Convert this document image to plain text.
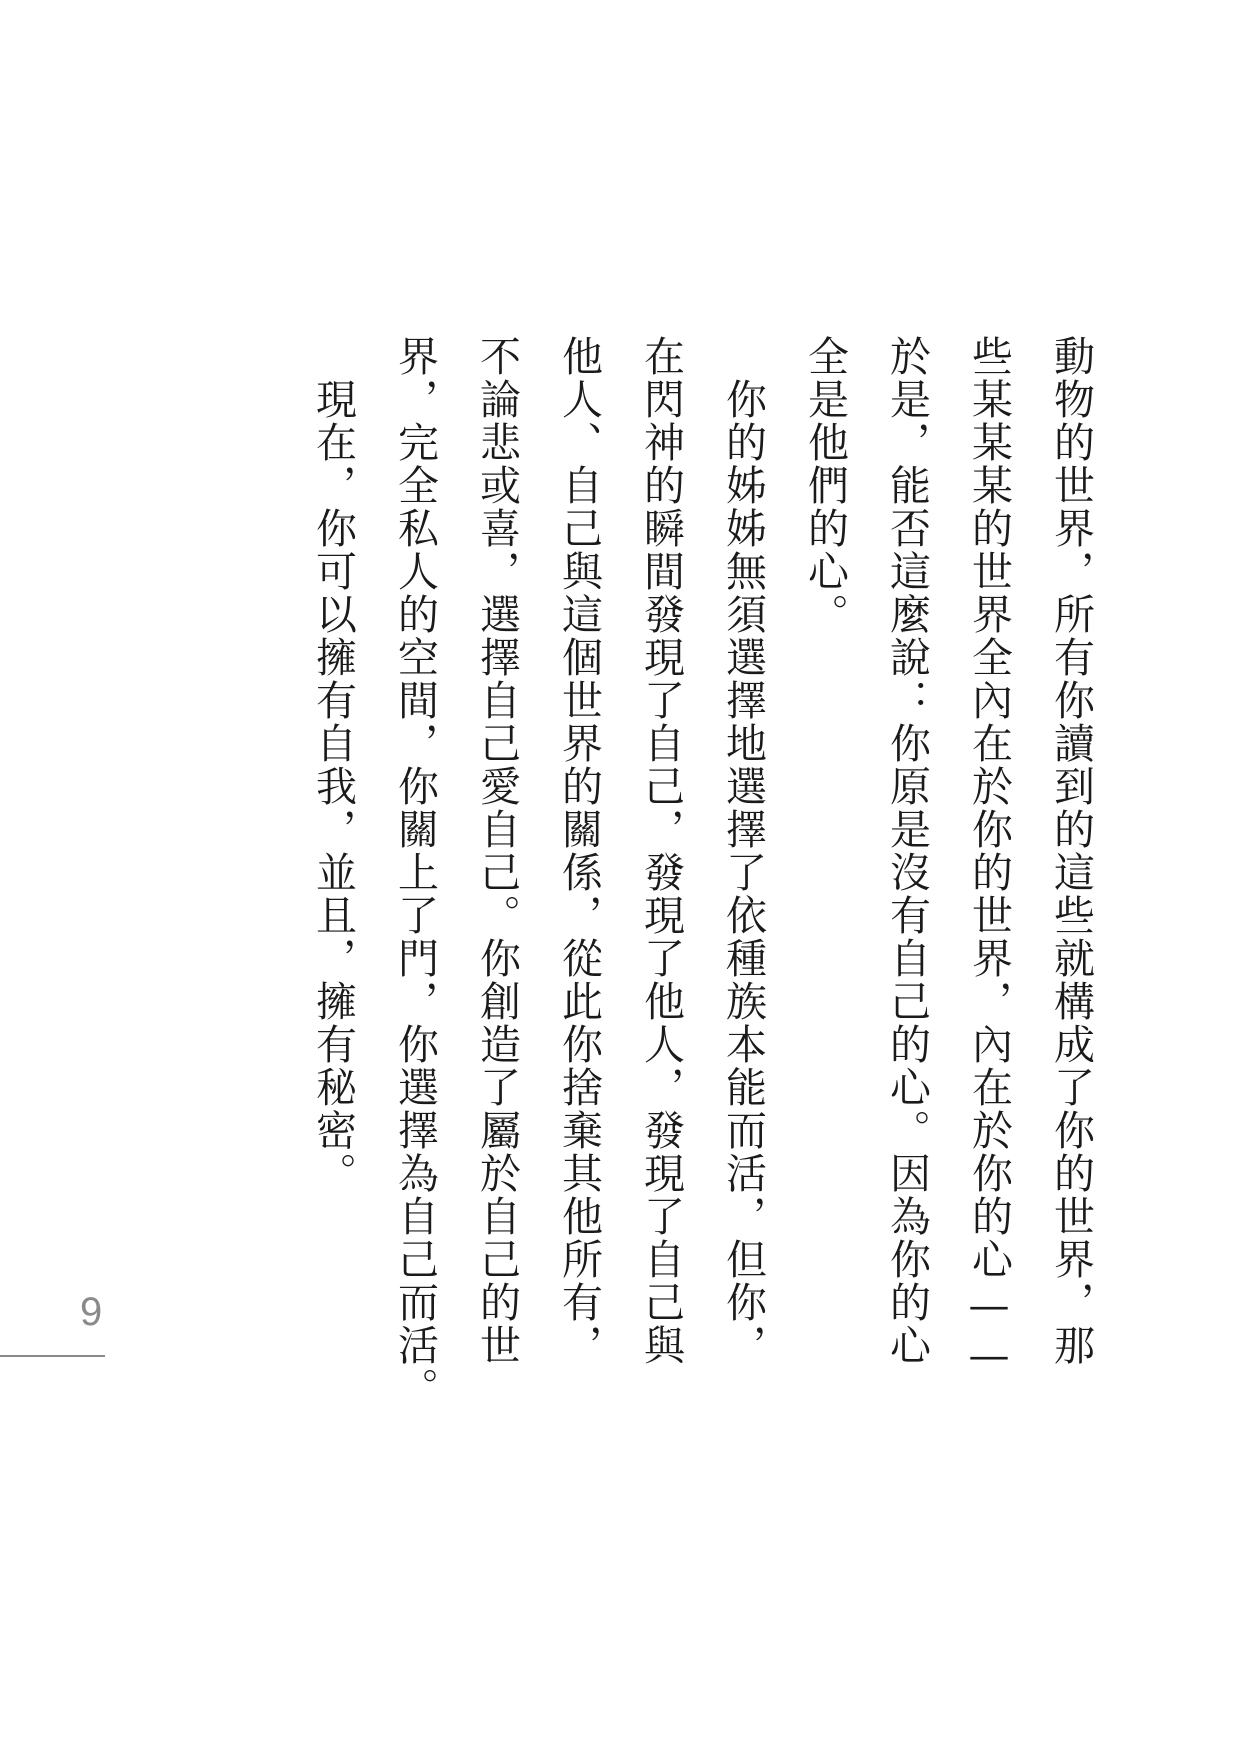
動物的世界，所有你讀到的這些就構成了你的世界，那
些某某某的世界全內在於你的世界，內在於你的心——
於是，能否這麼說：你原是沒有自己的心。因為你的心
全是他們的心。

　你的姊姊無須選擇地選擇了依種族本能而活，但你，
在閃神的瞬間發現了自己，發現了他人，發現了自己與
他人、自己與這個世界的關係，從此你捨棄其他所有，
不論悲或喜，選擇自己愛自己。你創造了屬於自己的世
界，完全私人的空間，你關上了門，你選擇為自己而活。

　現在，你可以擁有自我，並且，擁有秘密。

9
